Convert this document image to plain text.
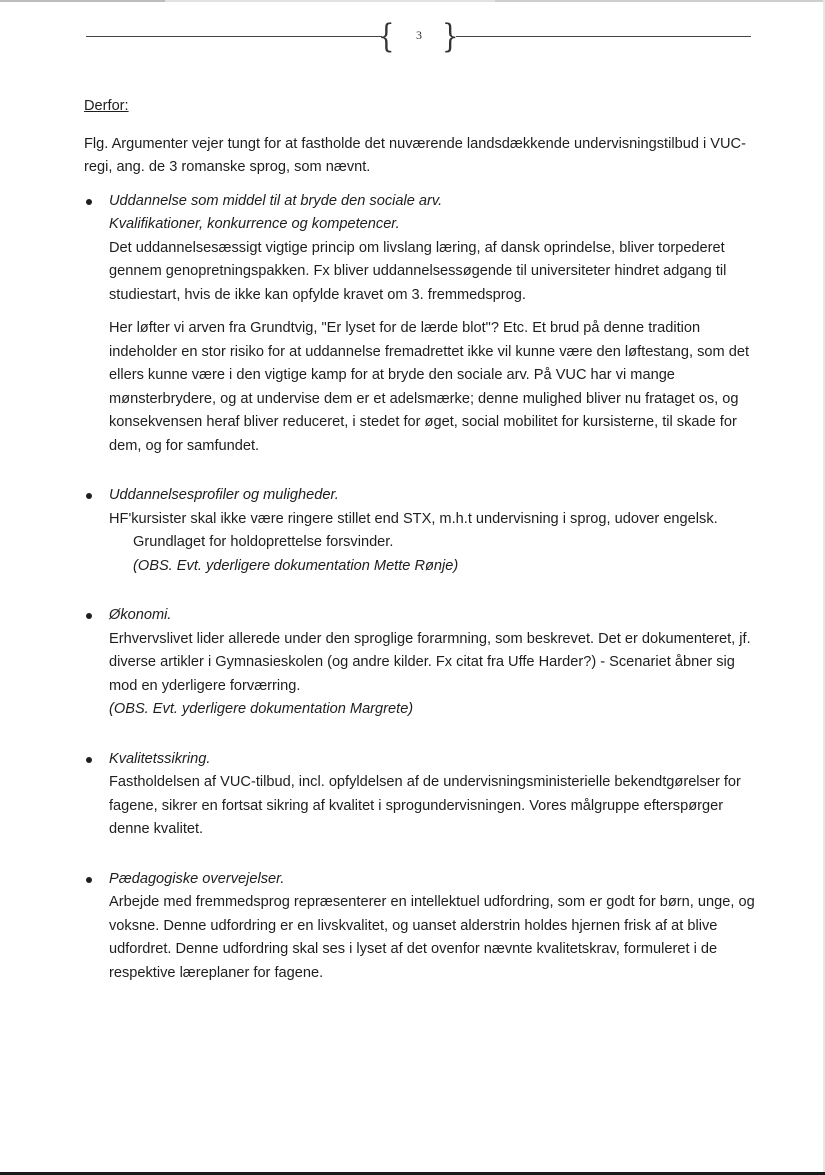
{	3 }

Derfor:

Flg. Argumenter vejer tungt for at fastholde det nuværende landsdækkende undervisningstilbud i VUC-regi, ang. de 3 romanske sprog, som nævnt.

Uddannelse som middel til at bryde den sociale arv.
Kvalifikationer, konkurrence og kompetencer.

Det uddannelsesæssigt vigtige princip om livslang læring, af dansk oprindelse, bliver torpederet gennem genopretningspakken. Fx bliver uddannelsessøgende til universiteter hindret adgang til studiestart, hvis de ikke kan opfylde kravet om 3. fremmedsprog.

Her løfter vi arven fra Grundtvig, "Er lyset for de lærde blot"? Etc. Et brud på denne tradition indeholder en stor risiko for at uddannelse fremadrettet ikke vil kunne være den løftestang, som det ellers kunne være i den vigtige kamp for at bryde den sociale arv. På VUC har vi mange mønsterbrydere, og at undervise dem er et adelsmærke; denne mulighed bliver nu frataget os, og konsekvensen heraf bliver reduceret, i stedet for øget, social mobilitet for kursisterne, til skade for dem, og for samfundet.

Uddannelsesprofiler og muligheder.

HF'kursister skal ikke være ringere stillet end STX, m.h.t undervisning i sprog, udover engelsk.

Grundlaget for holdoprettelse forsvinder.
(OBS. Evt. yderligere dokumentation Mette Rønje)
Økonomi.

Erhvervslivet lider allerede under den sproglige forarmning, som beskrevet. Det er dokumenteret, jf. diverse artikler i Gymnasieskolen (og andre kilder. Fx citat fra Uffe Harder?) - Scenariet åbner sig mod en yderligere forværring.

(OBS. Evt. yderligere dokumentation Margrete)
Kvalitetssikring.

Fastholdelsen af VUC-tilbud, incl. opfyldelsen af de undervisningsministerielle bekendtgørelser for fagene, sikrer en fortsat sikring af kvalitet i sprogundervisningen. Vores målgruppe efterspørger denne kvalitet.

Pædagogiske overvejelser.

Arbejde med fremmedsprog repræsenterer en intellektuel udfordring, som er godt for børn, unge, og voksne. Denne udfordring er en livskvalitet, og uanset alderstrin holdes hjernen frisk af at blive udfordret. Denne udfordring skal ses i lyset af det ovenfor nævnte kvalitetskrav, formuleret i de respektive læreplaner for fagene.
